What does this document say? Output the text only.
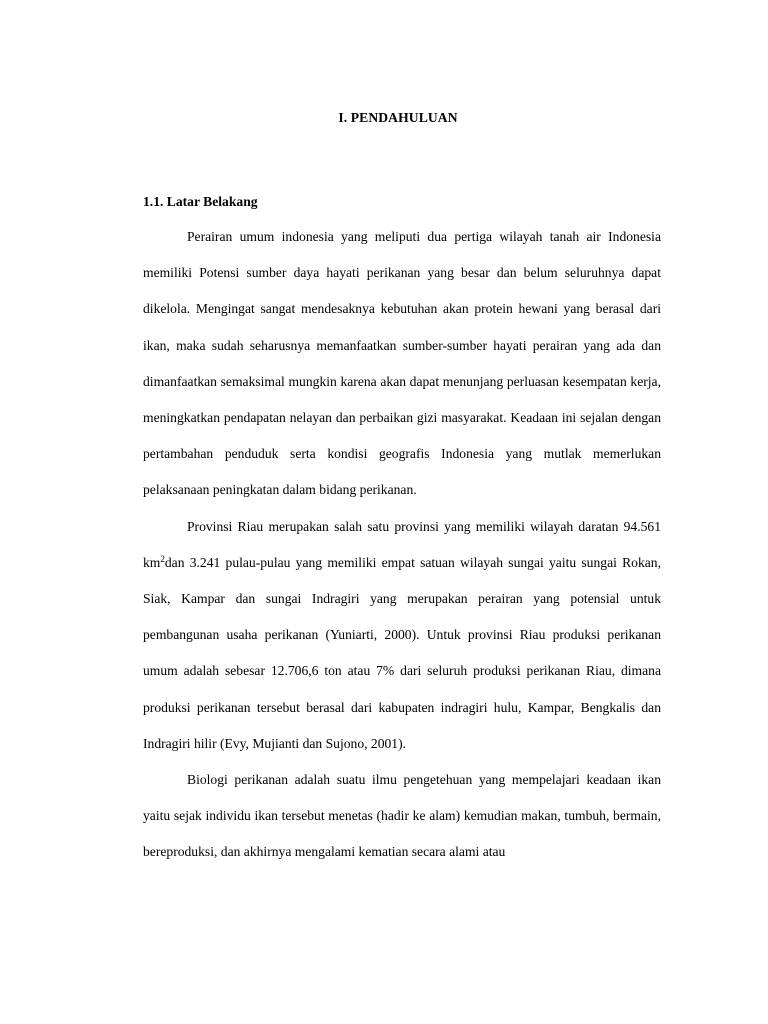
I. PENDAHULUAN
1.1. Latar Belakang

Perairan umum indonesia yang meliputi dua pertiga wilayah tanah air Indonesia memiliki Potensi sumber daya hayati perikanan yang besar dan belum seluruhnya dapat dikelola. Mengingat sangat mendesaknya kebutuhan akan protein hewani yang berasal dari ikan, maka sudah seharusnya memanfaatkan sumber-sumber hayati perairan yang ada dan dimanfaatkan semaksimal mungkin karena akan dapat menunjang perluasan kesempatan kerja, meningkatkan pendapatan nelayan dan perbaikan gizi masyarakat. Keadaan ini sejalan dengan pertambahan penduduk serta kondisi geografis Indonesia yang mutlak memerlukan pelaksanaan peningkatan dalam bidang perikanan.

Provinsi Riau merupakan salah satu provinsi yang memiliki wilayah daratan 94.561 $km^2dan$ 3.241 pulau-pulau yang memiliki empat satuan wilayah sungai yaitu sungai Rokan, Siak, Kampar dan sungai Indragiri yang merupakan perairan yang potensial untuk pembangunan usaha perikanan (Yuniarti, 2000). Untuk provinsi Riau produksi perikanan umum adalah sebesar 12.706,6 ton atau 7% dari seluruh produksi perikanan Riau, dimana produksi perikanan tersebut berasal dari kabupaten indragiri hulu, Kampar, Bengkalis dan Indragiri hilir (Evy, Mujianti dan Sujono, 2001).

Biologi perikanan adalah suatu ilmu pengetehuan yang mempelajari keadaan ikan yaitu sejak individu ikan tersebut menetas (hadir ke alam) kemudian makan, tumbuh, bermain, bereproduksi, dan akhirnya mengalami kematian secara alami atau
